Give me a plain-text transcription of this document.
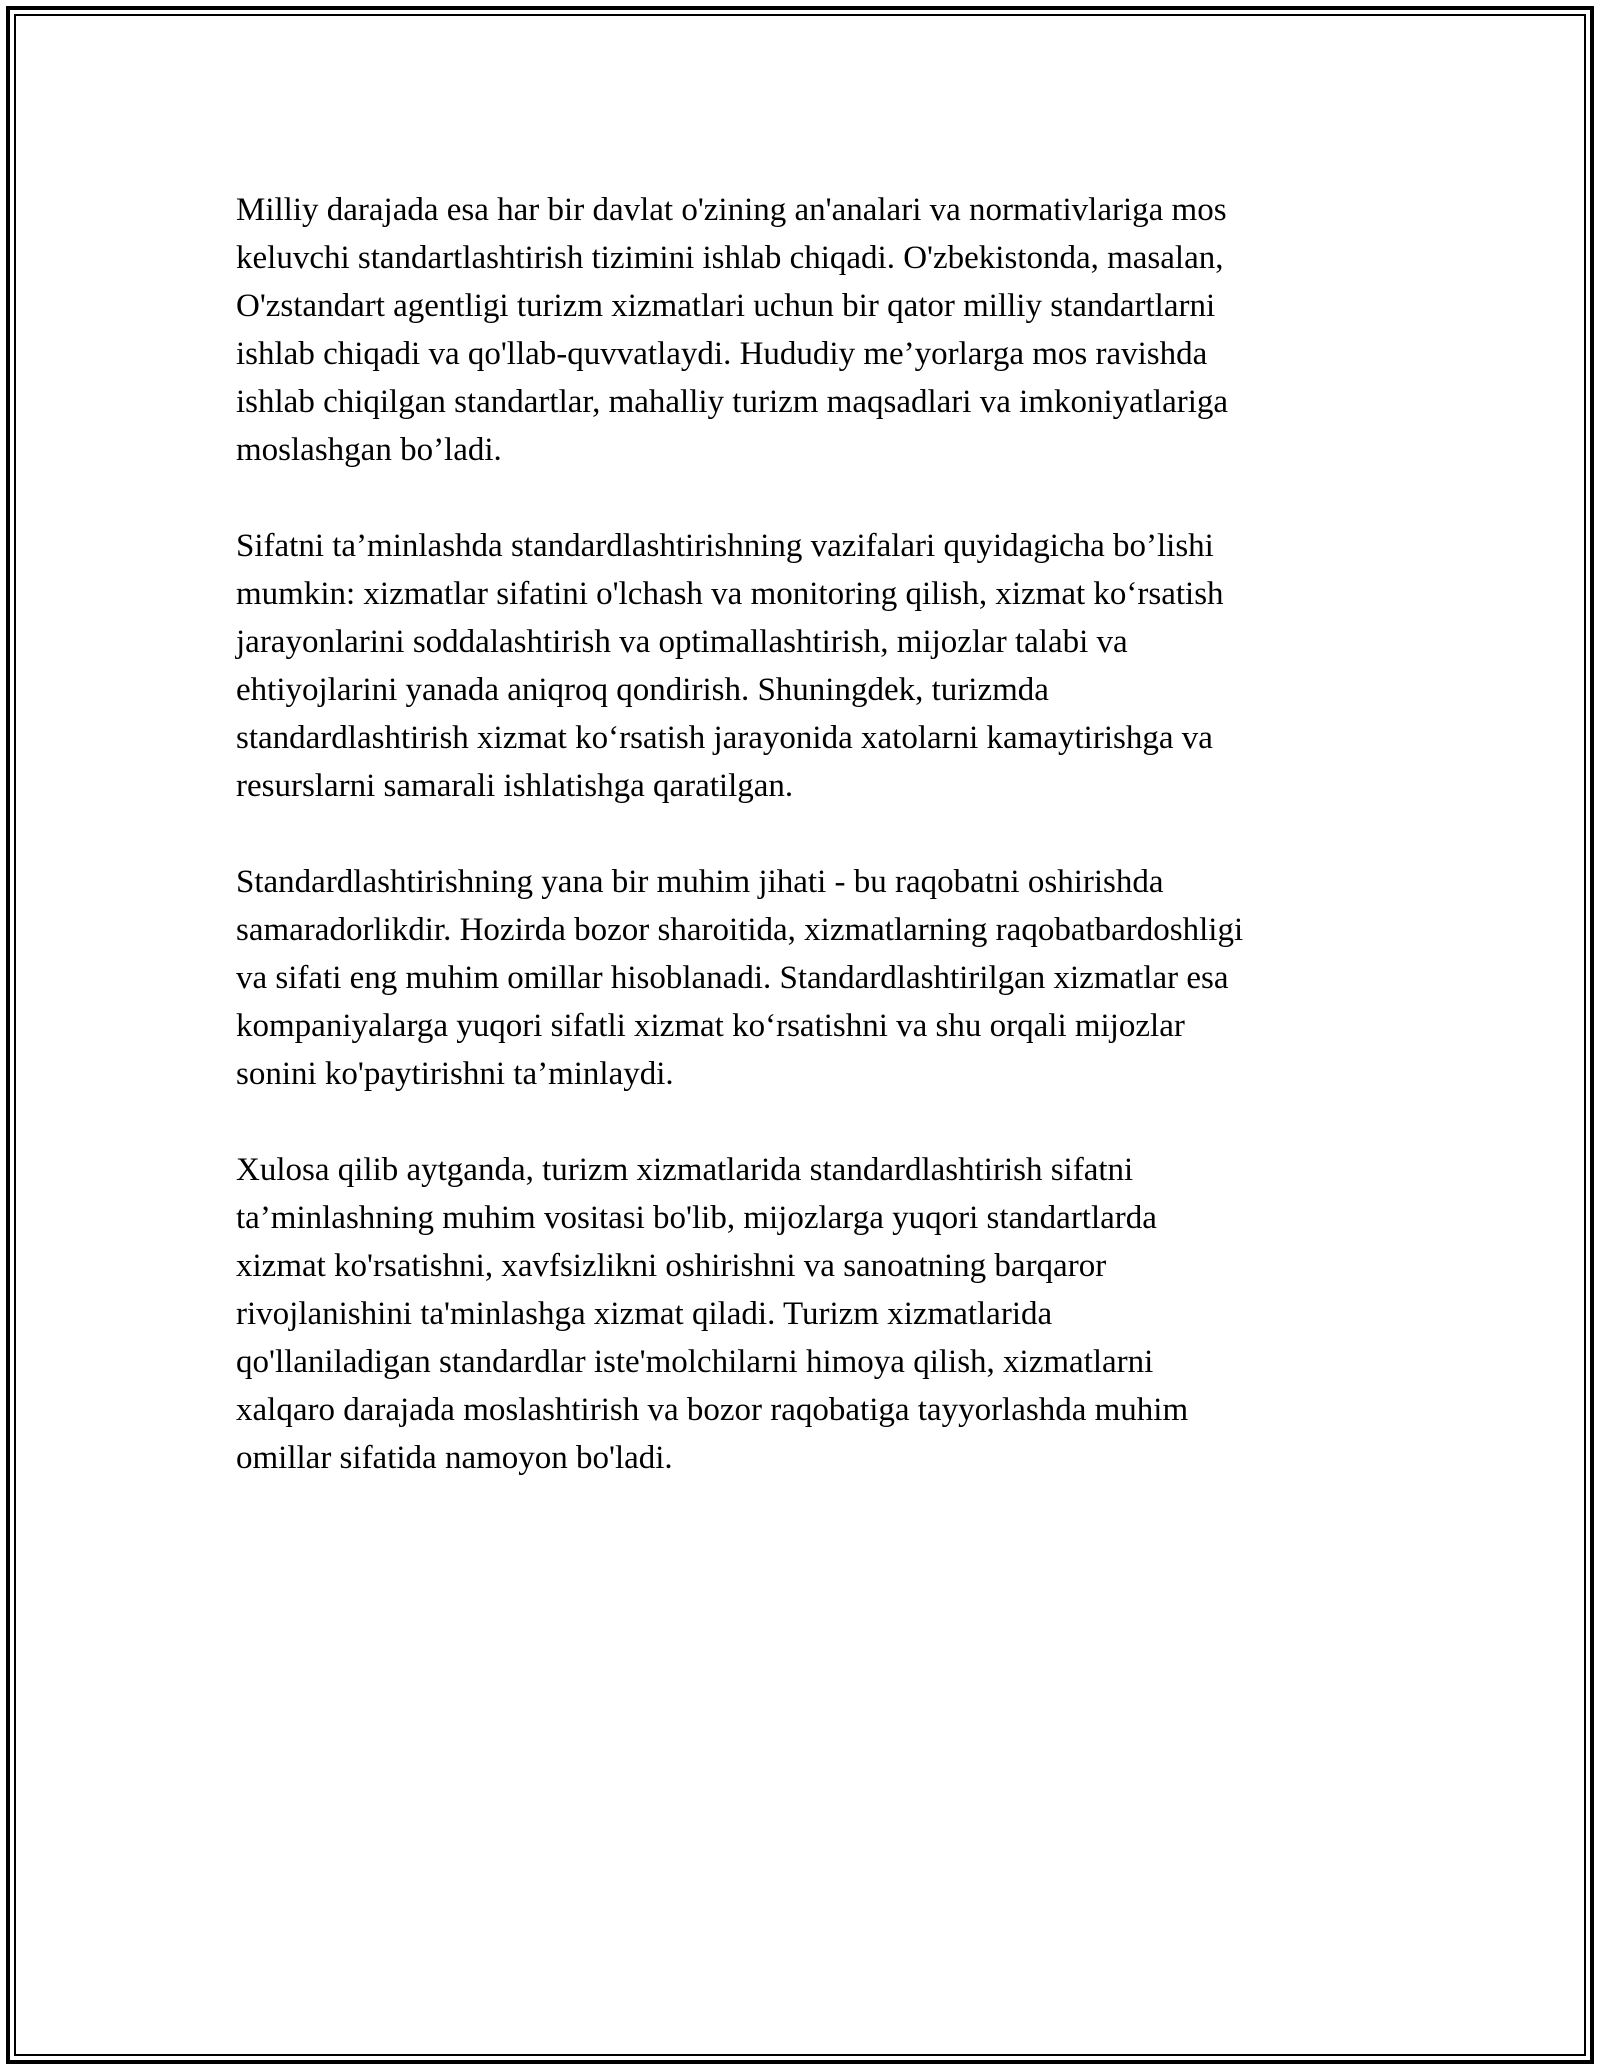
Milliy darajada esa har bir davlat o'zining an'analari va normativlariga mos
keluvchi standartlashtirish tizimini ishlab chiqadi. O'zbekistonda, masalan,
O'zstandart agentligi turizm xizmatlari uchun bir qator milliy standartlarni
ishlab chiqadi va qo'llab-quvvatlaydi. Hududiy me’yorlarga mos ravishda
ishlab chiqilgan standartlar, mahalliy turizm maqsadlari va imkoniyatlariga
moslashgan bo’ladi.
Sifatni ta’minlashda standardlashtirishning vazifalari quyidagicha bo’lishi
mumkin: xizmatlar sifatini o'lchash va monitoring qilish, xizmat ko‘rsatish
jarayonlarini soddalashtirish va optimallashtirish, mijozlar talabi va
ehtiyojlarini yanada aniqroq qondirish. Shuningdek, turizmda
standardlashtirish xizmat ko‘rsatish jarayonida xatolarni kamaytirishga va
resurslarni samarali ishlatishga qaratilgan.
Standardlashtirishning yana bir muhim jihati - bu raqobatni oshirishda
samaradorlikdir. Hozirda bozor sharoitida, xizmatlarning raqobatbardoshligi
va sifati eng muhim omillar hisoblanadi. Standardlashtirilgan xizmatlar esa
kompaniyalarga yuqori sifatli xizmat ko‘rsatishni va shu orqali mijozlar
sonini ko'paytirishni ta’minlaydi.
Xulosa qilib aytganda, turizm xizmatlarida standardlashtirish sifatni
ta’minlashning muhim vositasi bo'lib, mijozlarga yuqori standartlarda
xizmat ko'rsatishni, xavfsizlikni oshirishni va sanoatning barqaror
rivojlanishini ta'minlashga xizmat qiladi. Turizm xizmatlarida
qo'llaniladigan standardlar iste'molchilarni himoya qilish, xizmatlarni
xalqaro darajada moslashtirish va bozor raqobatiga tayyorlashda muhim
omillar sifatida namoyon bo'ladi.
